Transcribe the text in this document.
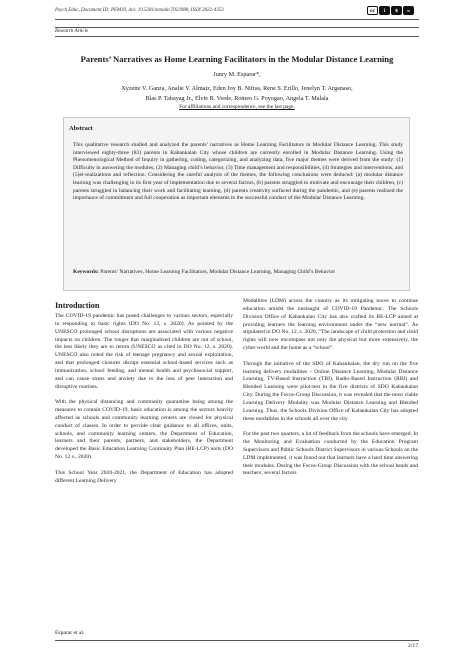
Psych Educ, Document ID: PEMJ0, doi: 10.5281/zenodo.7023980, ISSN 2822-4353	cc	i	$	=
Research Article
Parents’ Narratives as Home Learning Facilitators in the Modular Distance Learning
Junry M. Esparar*,
Xyzette V. Ganza, Analie V. Almaiz, Eden Joy B. Nifras, Rene S. Erillo, Jenelyn T. Arganaso,
Blas P. Tabayag Jr., Elvie R. Verde, Romeo G. Poyogao, Angela T. Malala
For affiliations and correspondence, see the last page.
Abstract
This qualitative research studied and analyzed the parents’ narratives as Home Learning Facilitators in Modular Distance Learning. This study interviewed eighty-three (83) parents in Kabankalan City whose children are currently enrolled in Modular Distance Learning. Using the Phenomenological Method of Inquiry in gathering, coding, categorizing, and analyzing data, five major themes were derived from the study: (1) Difficulty in answering the modules, (2) Managing child’s behavior, (3) Time management and responsibilities, (4) Strategies and interventions, and (5)el-realizations and reflection. Considering the careful analysis of the themes, the following conclusions were deduced: (a) modular distance learning was challenging in its first year of implementation due to several factors, (b) parents struggled to motivate and encourage their children, (c) parents struggled in balancing their work and facilitating learning, (d) parents creativity surfaced during the pandemic, and (e) parents realized the importance of commitment and full cooperation as important elements in the successful conduct of the Modular Distance Learning.
Keywords: Parents’ Narratives, Home Learning Facilitators, Modular Distance Learning, Managing Child’s Behavior
Introduction

The COVID-19 pandemic has posed challenges to various sectors, especially in responding to basic rights (DO No. 12, s. 2020). As pointed by the UNESCO prolonged school disruptions are associated with various negative impacts on children. The longer that marginalized children are out of school, the less likely they are to return (UNESCO as cited in DO No. 12, s. 2020). UNESCO also noted the risk of teenage pregnancy and sexual exploitation, and that prolonged closures disrupt essential school-based services such as immunization, school feeding, and mental health and psychosocial support, and can cause stress and anxiety due to the loss of peer interaction and disruptive routines.

With the physical distancing and community quarantine being among the measures to contain COVID-19, basic education is among the sectors heavily affected as schools and community learning centers are closed for physical conduct of classes. In order to provide clear guidance to all offices, units, schools, and community learning centers, the Department of Education, learners and their parents, partners, and stakeholders, the Department developed the Basic Education Learning Continuity Plan (BE-LCP) units (DO No. 12 s., 2020).

This School Year 2020-2021, the Department of Education has adopted different Learning Delivery

Modalities (LDM) across the country as its mitigating move to continue education amidst the onslaught of COVID-19 Pandemic. The Schools Division Office of Kabankalan City has also crafted its BE-LCP aimed at providing learners the learning environment under the “new normal”. As stipulated in DO No. 12, s. 2020, “The landscape of child protection and child rights will now encompass not only the physical but more extensively, the cyber world and the home as a “school”.

Through the initiative of the SDO of Kabankalan, the dry run on the five learning delivery modalities – Online Distance Learning, Modular Distance Learning, TV-Based Instruction (TBI), Radio-Based Instruction (RBI) and Blended Learning were pilot-test in the five districts of SDO Kabankalan City. During the Focus-Group Discussion, it was revealed that the most viable Learning Delivery Modality was Modular Distance Learning and Blended Learning. Thus, the Schools Division Office of Kabankalan City has adopted these modalities in the schools all over the city.

For the past two quarters, a lot of feedback from the schools have emerged. In the Monitoring and Evaluation conducted by the Education Program Supervisors and Public Schools District Supervisors in various Schools on the LDM implemented, it was found out that learners have a hard time answering their modules. During the Focus-Group Discussion with the school heads and teachers, several factors

Esparar et al.
2/17
